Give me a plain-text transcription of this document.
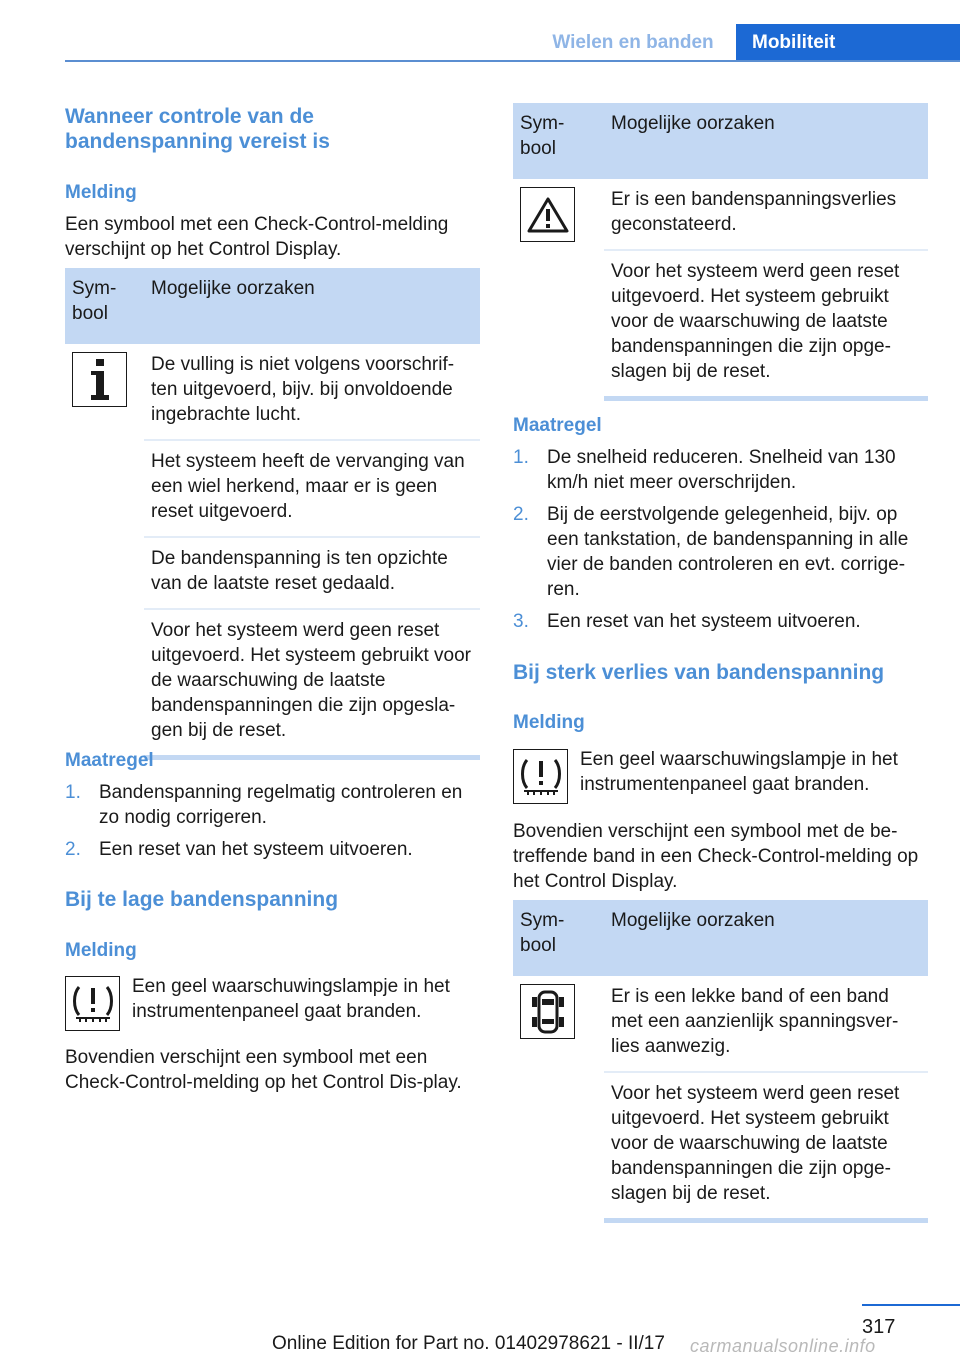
Wielen en banden	Mobiliteit
Wanneer controle van de bandenspanning vereist is
Melding

Een symbool met een Check-Control-melding verschijnt op het Control Display.

Sym-
bool	Mogelijke oorzaken

	De vulling is niet volgens voorschrif-ten uitgevoerd, bijv. bij onvoldoende ingebrachte lucht.
	Het systeem heeft de vervanging van een wiel herkend, maar er is geen reset uitgevoerd.
	De bandenspanning is ten opzichte van de laatste reset gedaald.
	Voor het systeem werd geen reset uitgevoerd. Het systeem gebruikt voor de waarschuwing de laatste bandenspanningen die zijn opgesla-gen bij de reset.
Maatregel
1. Bandenspanning regelmatig controleren en zo nodig corrigeren.
2. Een reset van het systeem uitvoeren.
Bij te lage bandenspanning
Melding

Een geel waarschuwingslampje in het instrumentenpaneel gaat branden.

Bovendien verschijnt een symbool met een Check-Control-melding op het Control Dis-play.

Sym-
bool	Mogelijke oorzaken

	Er is een bandenspanningsverlies geconstateerd.
	Voor het systeem werd geen reset uitgevoerd. Het systeem gebruikt voor de waarschuwing de laatste bandenspanningen die zijn opge-slagen bij de reset.
Maatregel
1. De snelheid reduceren. Snelheid van 130 km/h niet meer overschrijden.
2. Bij de eerstvolgende gelegenheid, bijv. op een tankstation, de bandenspanning in alle vier de banden controleren en evt. corrige-ren.
3. Een reset van het systeem uitvoeren.
Bij sterk verlies van bandenspanning
Melding

Een geel waarschuwingslampje in het instrumentenpaneel gaat branden.

Bovendien verschijnt een symbool met de be-treffende band in een Check-Control-melding op het Control Display.

Sym-
bool	Mogelijke oorzaken

	Er is een lekke band of een band met een aanzienlijk spanningsver-lies aanwezig.
	Voor het systeem werd geen reset uitgevoerd. Het systeem gebruikt voor de waarschuwing de laatste bandenspanningen die zijn opge-slagen bij de reset.
317
Online Edition for Part no. 01402978621 - II/17 carmanualsonline.info
